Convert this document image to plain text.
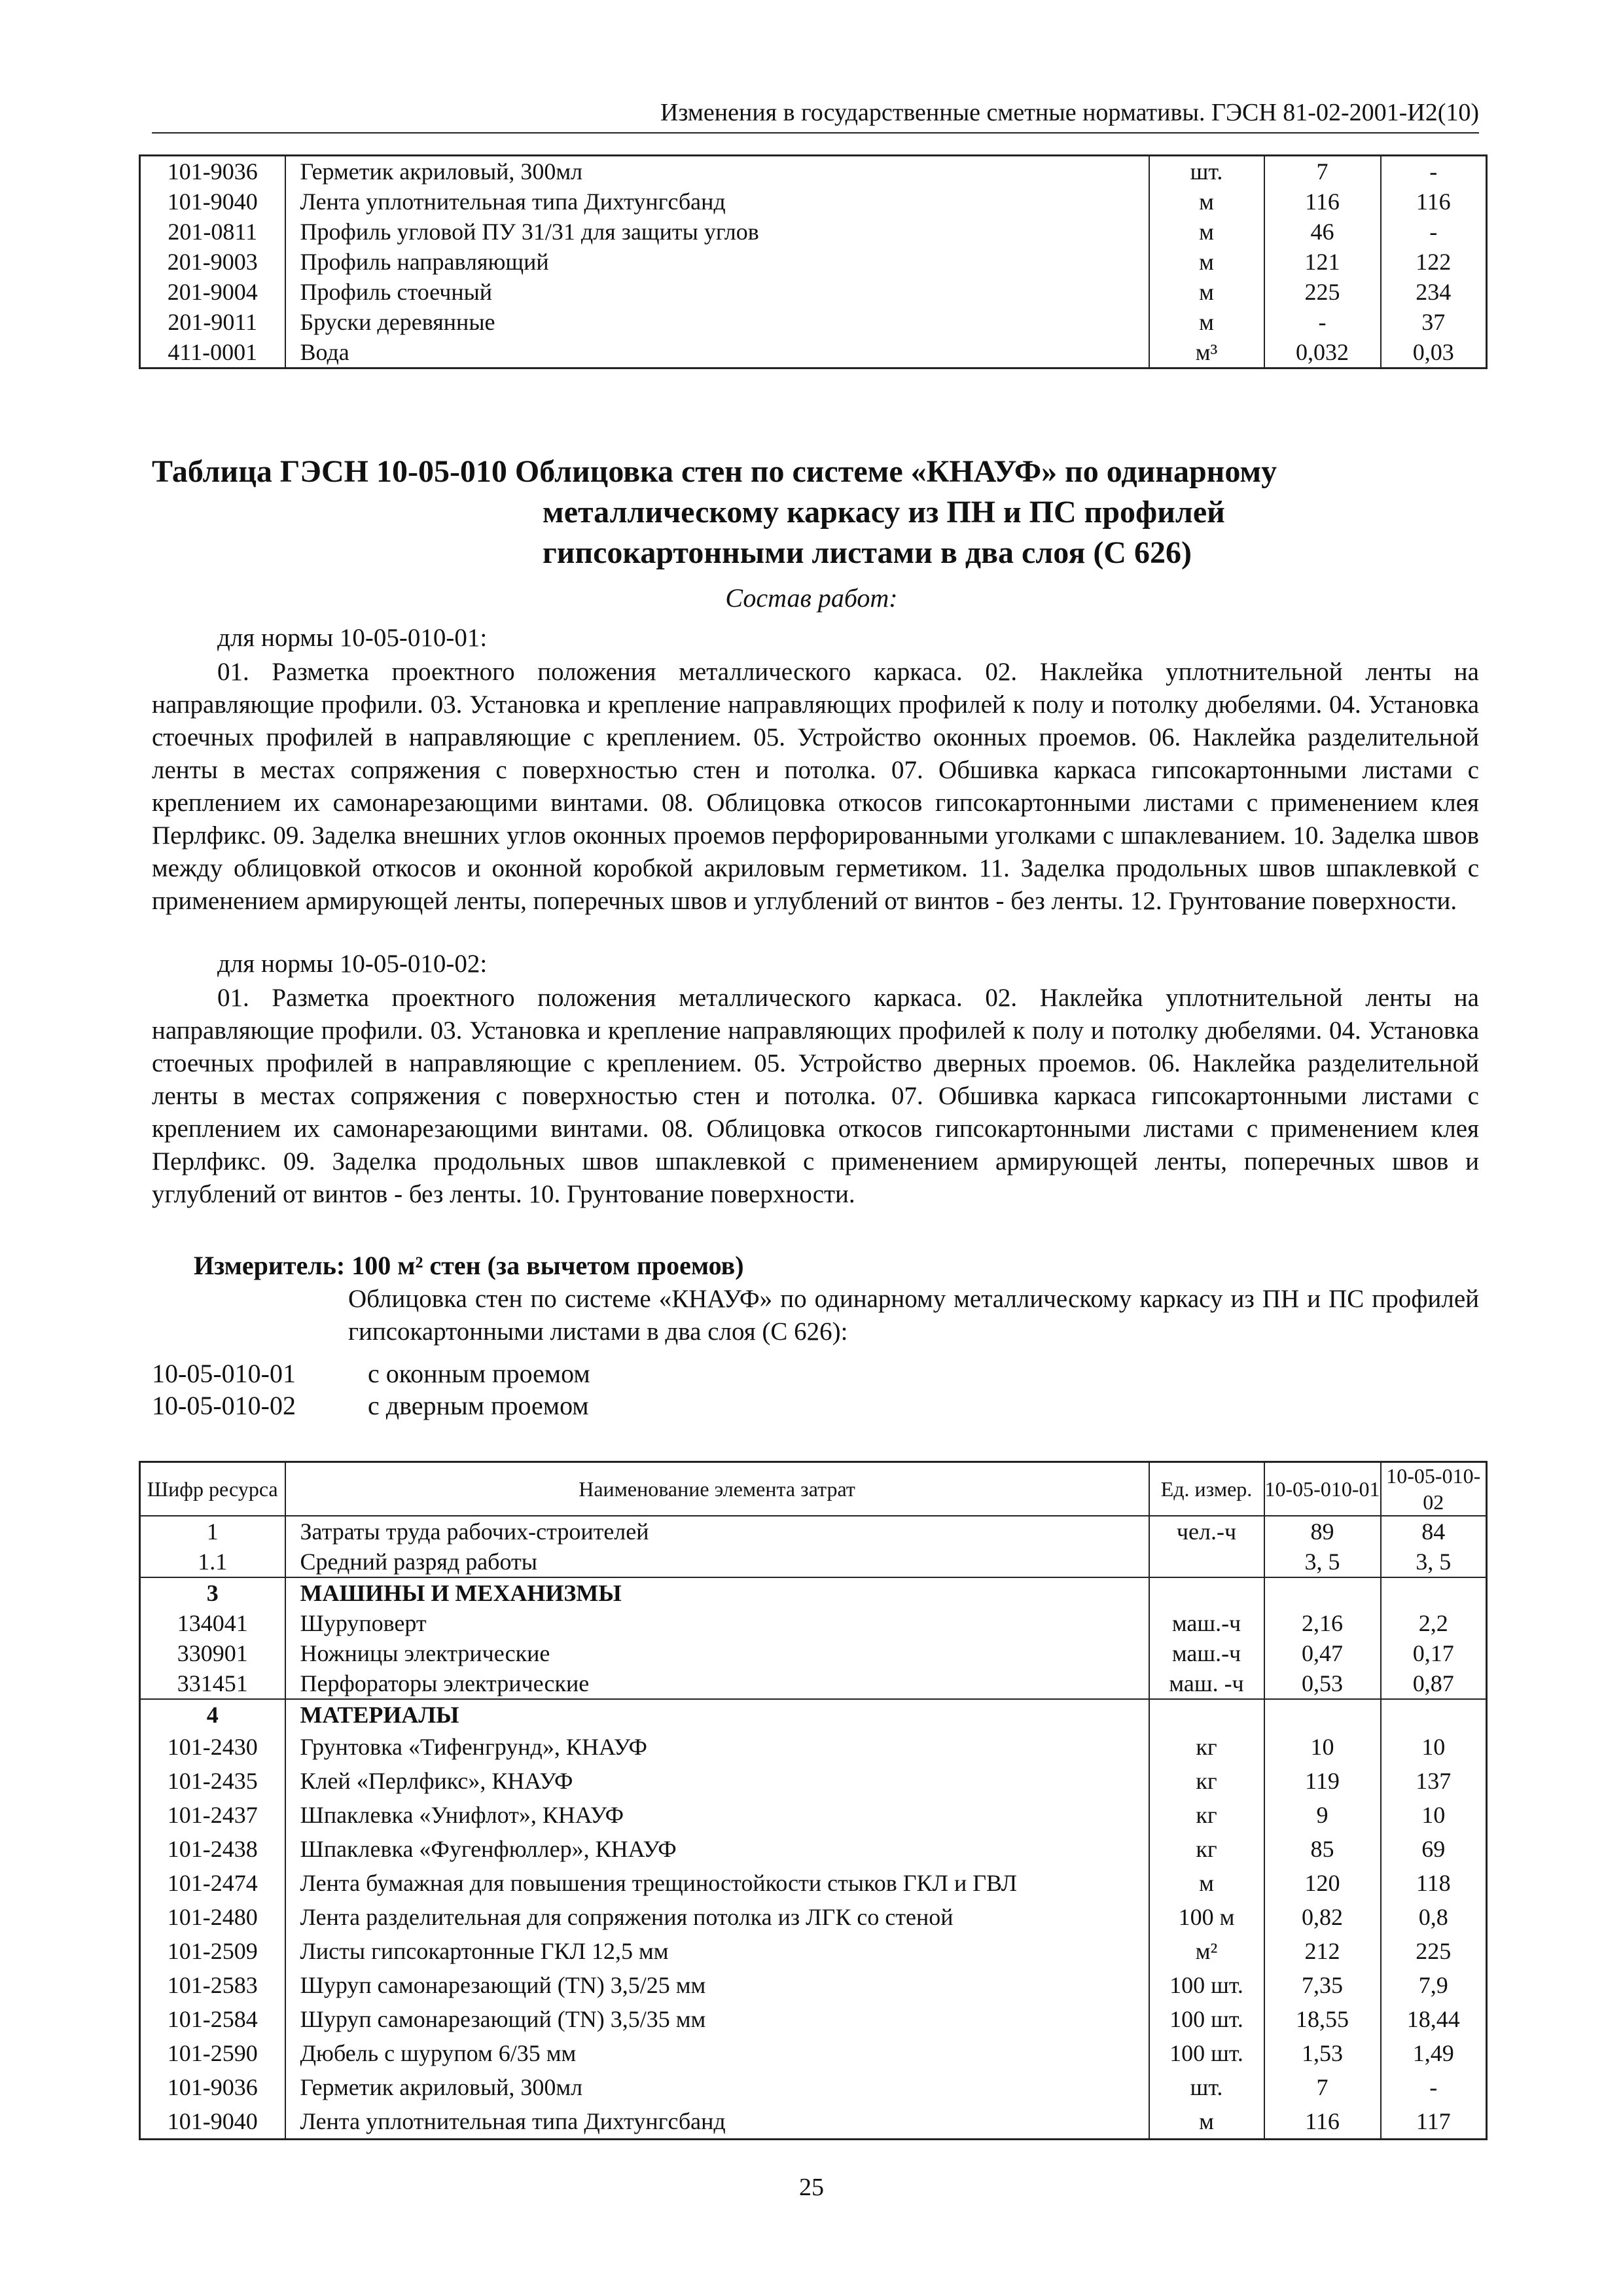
Изменения в государственные сметные нормативы. ГЭСН 81-02-2001-И2(10)
101-9036	Герметик акриловый, 300мл	шт.	7	-
101-9040	Лента уплотнительная типа Дихтунгсбанд	м	116	116
201-0811	Профиль угловой ПУ 31/31 для защиты углов	м	46	-
201-9003	Профиль направляющий	м	121	122
201-9004	Профиль стоечный	м	225	234
201-9011	Бруски деревянные	м	-	37
411-0001	Вода	м³	0,032	0,03
Таблица ГЭСН 10-05-010 Облицовка стен по системе «КНАУФ» по одинарному
металлическому каркасу из ПН и ПС профилей
гипсокартонными листами в два слоя (С 626)
Состав работ:
для нормы 10-05-010-01:
01. Разметка проектного положения металлического каркаса. 02. Наклейка уплотнительной ленты на направляющие профили. 03. Установка и крепление направляющих профилей к полу и потолку дюбелями. 04. Установка стоечных профилей в направляющие с креплением. 05. Устройство оконных проемов. 06. Наклейка разделительной ленты в местах сопряжения с поверхностью стен и потолка. 07. Обшивка каркаса гипсокартонными листами с креплением их самонарезающими винтами. 08. Облицовка откосов гипсокартонными листами с применением клея Перлфикс. 09. Заделка внешних углов оконных проемов перфорированными уголками с шпаклеванием. 10. Заделка швов между облицовкой откосов и оконной коробкой акриловым герметиком. 11. Заделка продольных швов шпаклевкой с применением армирующей ленты, поперечных швов и углублений от винтов - без ленты. 12. Грунтование поверхности.
для нормы 10-05-010-02:
01. Разметка проектного положения металлического каркаса. 02. Наклейка уплотнительной ленты на направляющие профили. 03. Установка и крепление направляющих профилей к полу и потолку дюбелями. 04. Установка стоечных профилей в направляющие с креплением. 05. Устройство дверных проемов. 06. Наклейка разделительной ленты в местах сопряжения с поверхностью стен и потолка. 07. Обшивка каркаса гипсокартонными листами с креплением их самонарезающими винтами. 08. Облицовка откосов гипсокартонными листами с применением клея Перлфикс. 09. Заделка продольных швов шпаклевкой с применением армирующей ленты, поперечных швов и углублений от винтов - без ленты. 10. Грунтование поверхности.
Измеритель: 100 м² стен (за вычетом проемов)
Облицовка стен по системе «КНАУФ» по одинарному металлическому каркасу из ПН и ПС профилей гипсокартонными листами в два слоя (С 626):
10-05-010-01	с оконным проемом
10-05-010-02	с дверным проемом
Шифр ресурса	Наименование элемента затрат	Ед. измер.	10-05-010-01	10-05-010-02
1	Затраты труда рабочих-строителей	чел.-ч	89	84
1.1	Средний разряд работы		3, 5	3, 5
3	МАШИНЫ И МЕХАНИЗМЫ			
134041	Шуруповерт	маш.-ч	2,16	2,2
330901	Ножницы электрические	маш.-ч	0,47	0,17
331451	Перфораторы электрические	маш. -ч	0,53	0,87
4	МАТЕРИАЛЫ			
101-2430	Грунтовка «Тифенгрунд», КНАУФ	кг	10	10
101-2435	Клей «Перлфикс», КНАУФ	кг	119	137
101-2437	Шпаклевка «Унифлот», КНАУФ	кг	9	10
101-2438	Шпаклевка «Фугенфюллер», КНАУФ	кг	85	69
101-2474	Лента бумажная для повышения трещиностойкости стыков ГКЛ и ГВЛ	м	120	118
101-2480	Лента разделительная для сопряжения потолка из ЛГК со стеной	100 м	0,82	0,8
101-2509	Листы гипсокартонные ГКЛ 12,5 мм	м²	212	225
101-2583	Шуруп самонарезающий (TN) 3,5/25 мм	100 шт.	7,35	7,9
101-2584	Шуруп самонарезающий (TN) 3,5/35 мм	100 шт.	18,55	18,44
101-2590	Дюбель с шурупом 6/35 мм	100 шт.	1,53	1,49
101-9036	Герметик акриловый, 300мл	шт.	7	-
101-9040	Лента уплотнительная типа Дихтунгсбанд	м	116	117
25
